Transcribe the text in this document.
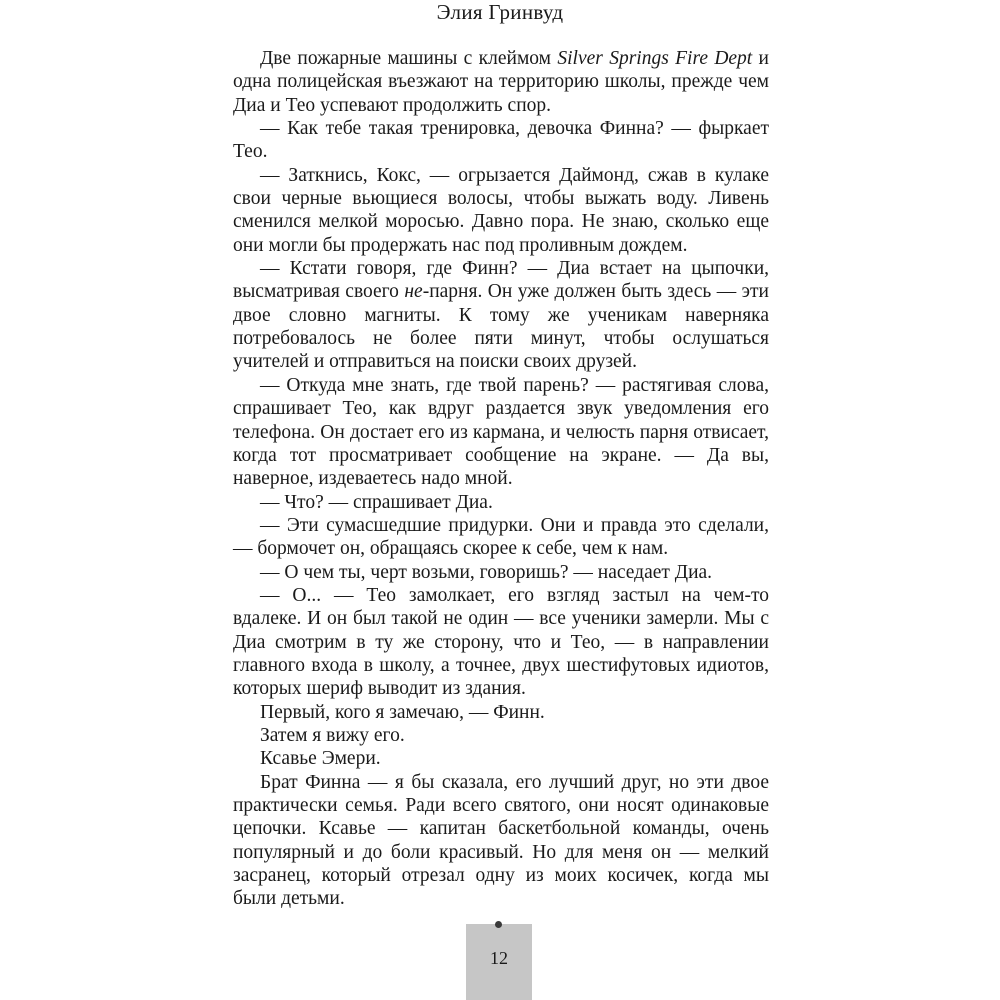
Элия Гринвуд

Две пожарные машины с клеймом Silver Springs Fire Dept и одна полицейская въезжают на территорию школы, прежде чем Диа и Тео успевают продолжить спор.

— Как тебе такая тренировка, девочка Финна? — фыркает Тео.

— Заткнись, Кокс, — огрызается Даймонд, сжав в кулаке свои черные вьющиеся волосы, чтобы выжать воду. Ливень сменился мелкой моросью. Давно пора. Не знаю, сколько еще они могли бы продержать нас под проливным дождем.

— Кстати говоря, где Финн? — Диа встает на цыпочки, высматривая своего не-парня. Он уже должен быть здесь — эти двое словно магниты. К тому же ученикам наверняка потребовалось не более пяти минут, чтобы ослушаться учителей и отправиться на поиски своих друзей.

— Откуда мне знать, где твой парень? — растягивая слова, спрашивает Тео, как вдруг раздается звук уведомления его телефона. Он достает его из кармана, и челюсть парня отвисает, когда тот просматривает сообщение на экране. — Да вы, наверное, издеваетесь надо мной.

— Что? — спрашивает Диа.

— Эти сумасшедшие придурки. Они и правда это сделали, — бормочет он, обращаясь скорее к себе, чем к нам.

— О чем ты, черт возьми, говоришь? — наседает Диа.

— О... — Тео замолкает, его взгляд застыл на чем-то вдалеке. И он был такой не один — все ученики замерли. Мы с Диа смотрим в ту же сторону, что и Тео, — в направлении главного входа в школу, а точнее, двух шестифутовых идиотов, которых шериф выводит из здания.

Первый, кого я замечаю, — Финн.

Затем я вижу его.

Ксавье Эмери.

Брат Финна — я бы сказала, его лучший друг, но эти двое практически семья. Ради всего святого, они носят одинаковые цепочки. Ксавье — капитан баскетбольной команды, очень популярный и до боли красивый. Но для меня он — мелкий засранец, который отрезал одну из моих косичек, когда мы были детьми.

12
